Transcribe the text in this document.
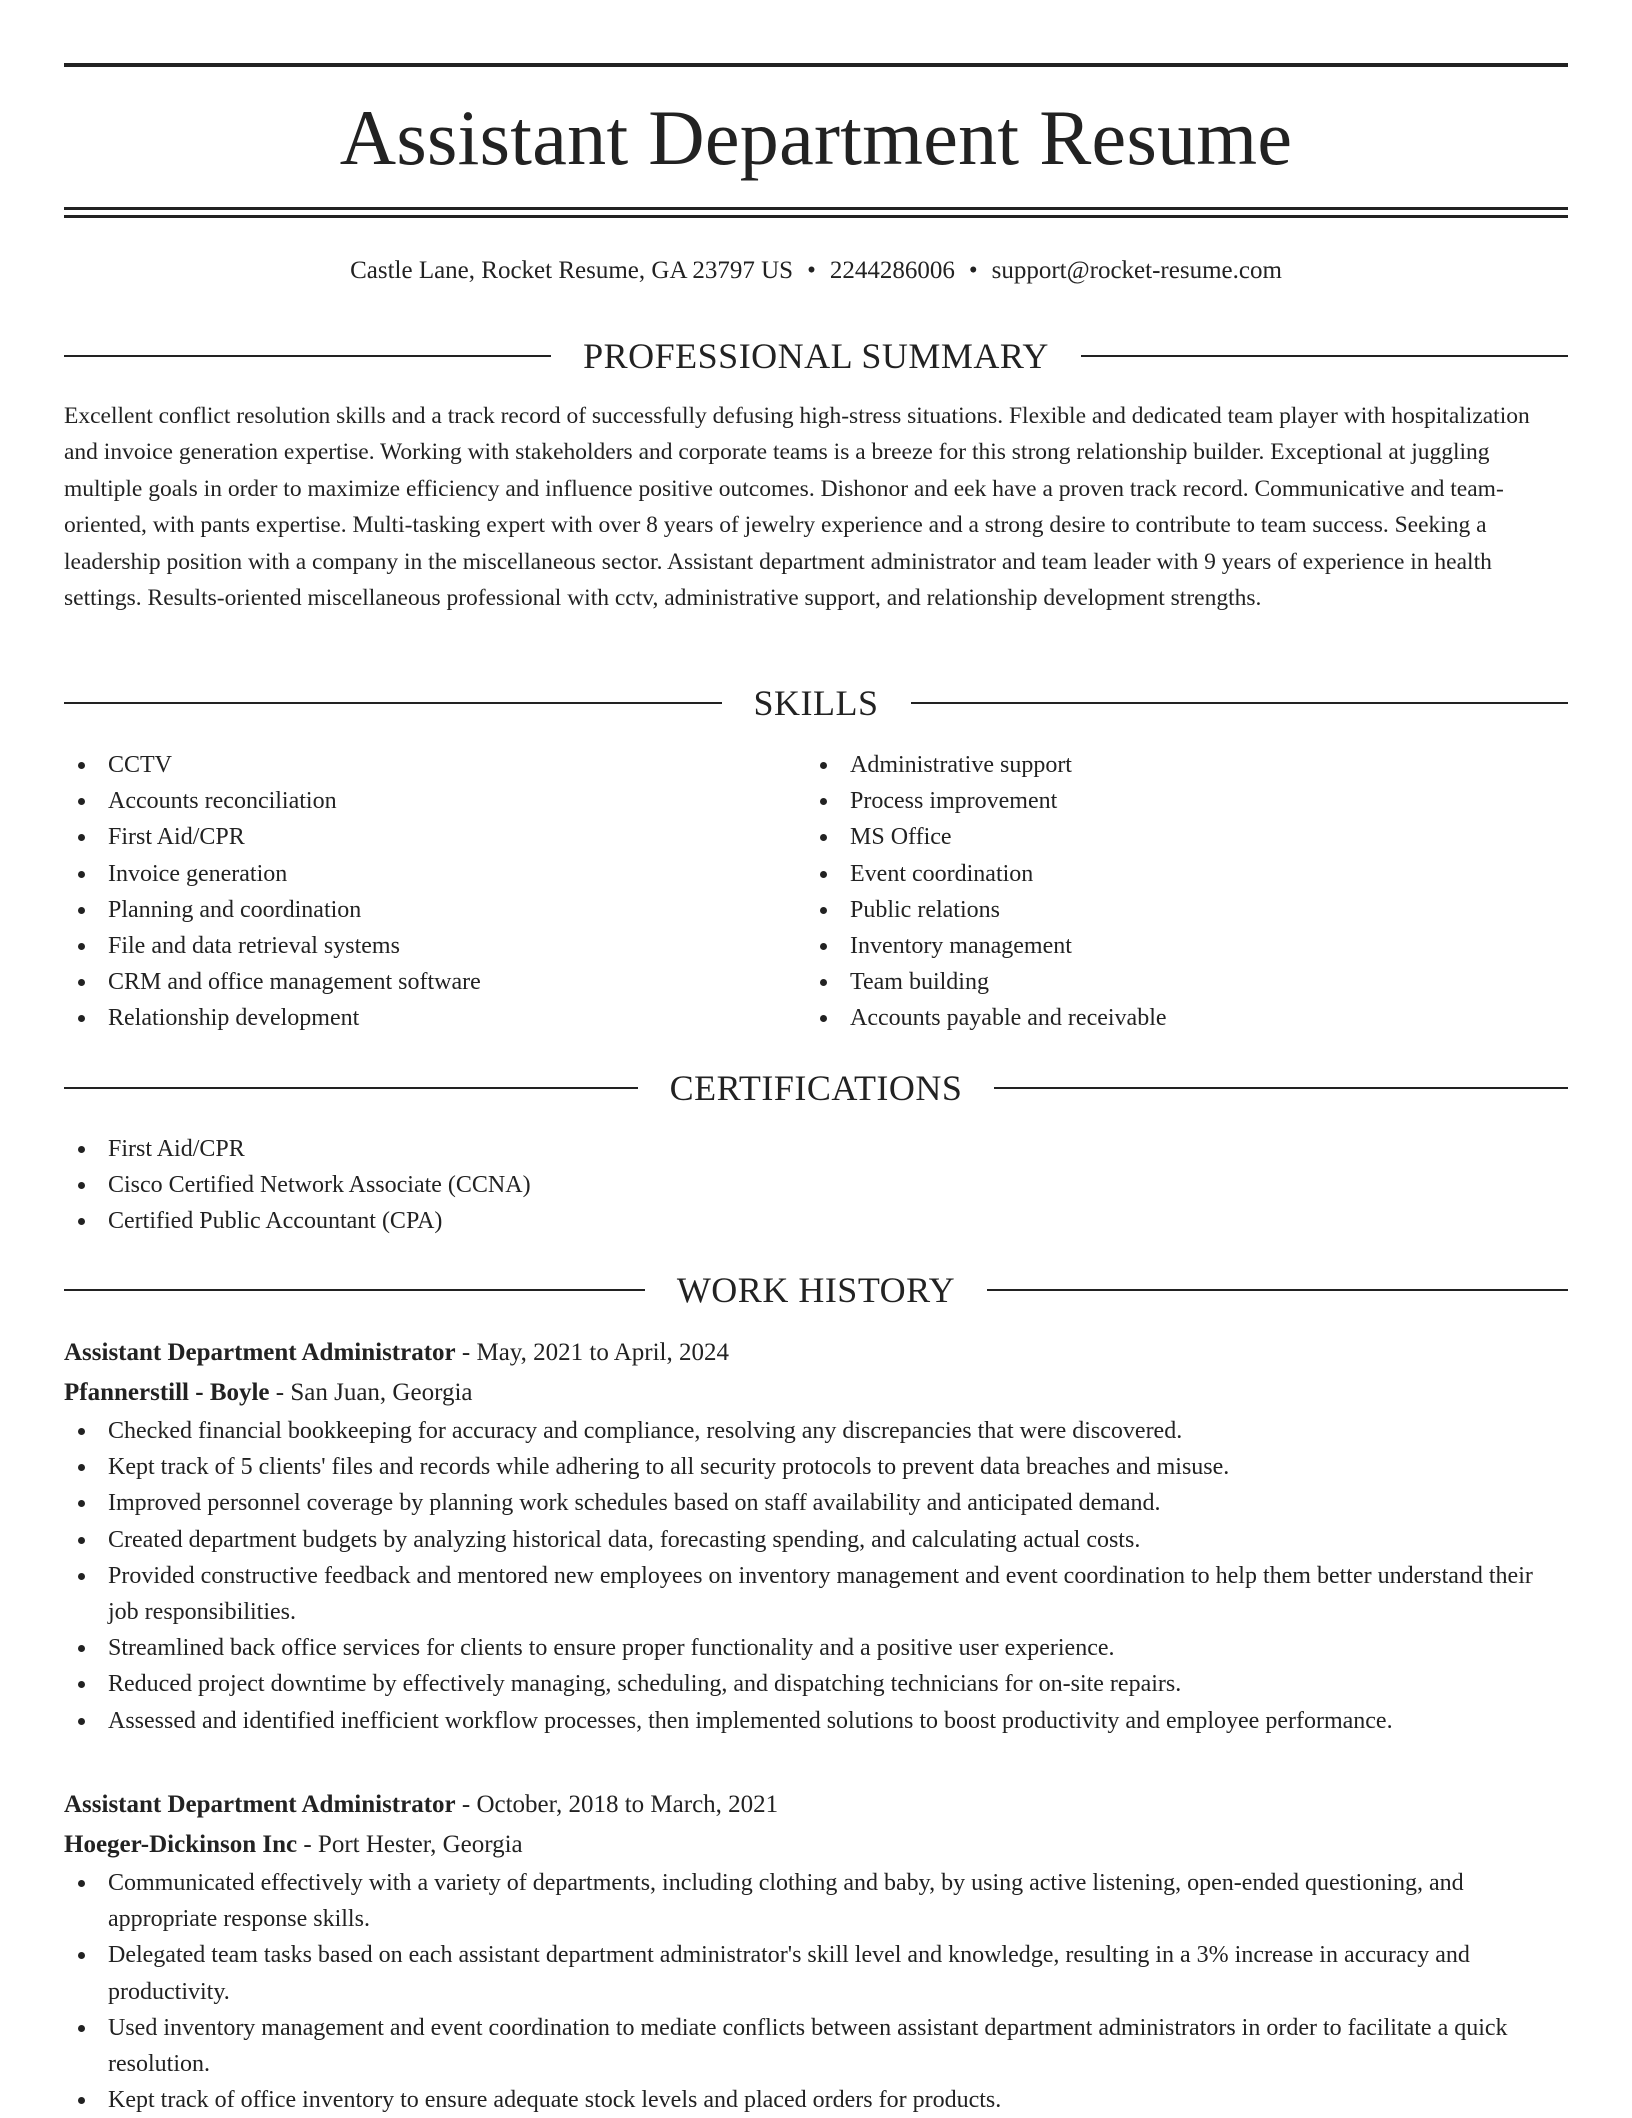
Assistant Department Resume
Castle Lane, Rocket Resume, GA 23797 US • 2244286006 • support@rocket-resume.com
PROFESSIONAL SUMMARY

Excellent conflict resolution skills and a track record of successfully defusing high-stress situations. Flexible and dedicated team player with hospitalization and invoice generation expertise. Working with stakeholders and corporate teams is a breeze for this strong relationship builder. Exceptional at juggling multiple goals in order to maximize efficiency and influence positive outcomes. Dishonor and eek have a proven track record. Communicative and team-oriented, with pants expertise. Multi-tasking expert with over 8 years of jewelry experience and a strong desire to contribute to team success. Seeking a leadership position with a company in the miscellaneous sector. Assistant department administrator and team leader with 9 years of experience in health settings. Results-oriented miscellaneous professional with cctv, administrative support, and relationship development strengths.

SKILLS
CCTV
Accounts reconciliation
First Aid/CPR
Invoice generation
Planning and coordination
File and data retrieval systems
CRM and office management software
Relationship development
Administrative support
Process improvement
MS Office
Event coordination
Public relations
Inventory management
Team building
Accounts payable and receivable
CERTIFICATIONS
First Aid/CPR
Cisco Certified Network Associate (CCNA)
Certified Public Accountant (CPA)
WORK HISTORY
Assistant Department Administrator - May, 2021 to April, 2024
Pfannerstill - Boyle - San Juan, Georgia
Checked financial bookkeeping for accuracy and compliance, resolving any discrepancies that were discovered.
Kept track of 5 clients' files and records while adhering to all security protocols to prevent data breaches and misuse.
Improved personnel coverage by planning work schedules based on staff availability and anticipated demand.
Created department budgets by analyzing historical data, forecasting spending, and calculating actual costs.
Provided constructive feedback and mentored new employees on inventory management and event coordination to help them better understand their job responsibilities.
Streamlined back office services for clients to ensure proper functionality and a positive user experience.
Reduced project downtime by effectively managing, scheduling, and dispatching technicians for on-site repairs.
Assessed and identified inefficient workflow processes, then implemented solutions to boost productivity and employee performance.
Assistant Department Administrator - October, 2018 to March, 2021
Hoeger-Dickinson Inc - Port Hester, Georgia
Communicated effectively with a variety of departments, including clothing and baby, by using active listening, open-ended questioning, and appropriate response skills.
Delegated team tasks based on each assistant department administrator's skill level and knowledge, resulting in a 3% increase in accuracy and productivity.
Used inventory management and event coordination to mediate conflicts between assistant department administrators in order to facilitate a quick resolution.
Kept track of office inventory to ensure adequate stock levels and placed orders for products.
